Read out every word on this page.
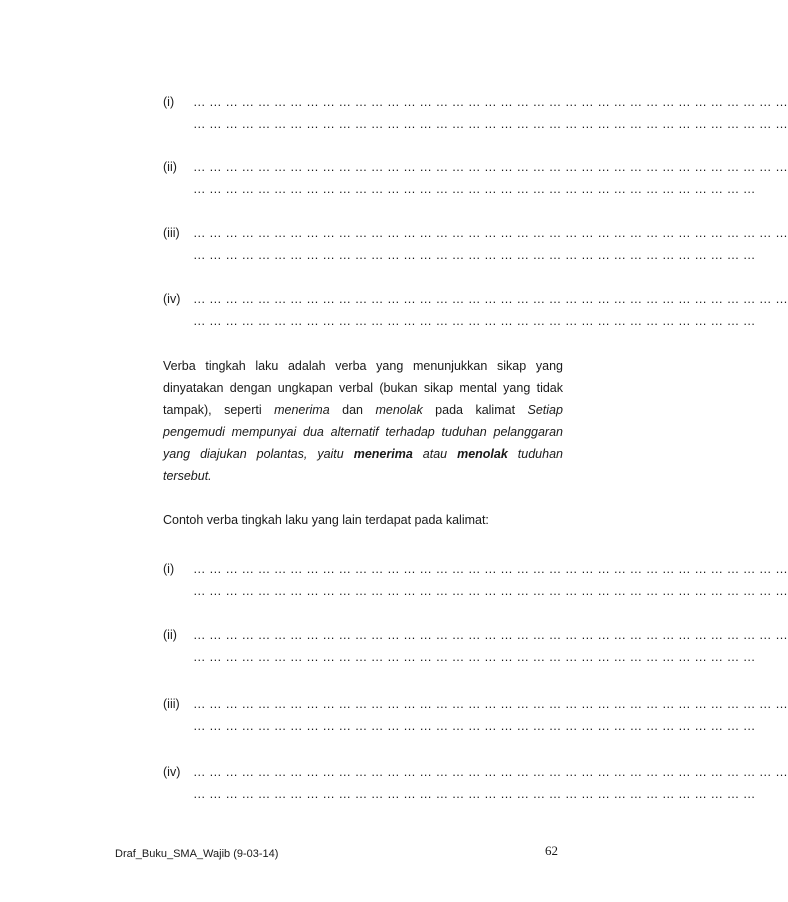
(i) … … … … … … … … … … … … … … … … … … … … … … … … … … … … … … … … … … … … …
… … … … … … … … … … … … … … … … … … … … … … … … … … … … … … … … … … … … …
(ii) … … … … … … … … … … … … … … … … … … … … … … … … … … … … … … … … … … … … …
… … … … … … … … … … … … … … … … … … … … … … … … … … … … … … … … … … …
(iii) … … … … … … … … … … … … … … … … … … … … … … … … … … … … … … … … … … … … …
… … … … … … … … … … … … … … … … … … … … … … … … … … … … … … … … … … …
(iv) … … … … … … … … … … … … … … … … … … … … … … … … … … … … … … … … … … … … …
… … … … … … … … … … … … … … … … … … … … … … … … … … … … … … … … … … …
Verba tingkah laku adalah verba yang menunjukkan sikap yang
dinyatakan dengan ungkapan verbal (bukan sikap mental yang tidak
tampak), seperti menerima dan menolak pada kalimat Setiap
pengemudi mempunyai dua alternatif terhadap tuduhan pelanggaran
yang diajukan polantas, yaitu menerima atau menolak tuduhan
tersebut.
Contoh verba tingkah laku yang lain terdapat pada kalimat:
(i) … … … … … … … … … … … … … … … … … … … … … … … … … … … … … … … … … … … … …
… … … … … … … … … … … … … … … … … … … … … … … … … … … … … … … … … … … … …
(ii) … … … … … … … … … … … … … … … … … … … … … … … … … … … … … … … … … … … … …
… … … … … … … … … … … … … … … … … … … … … … … … … … … … … … … … … … …
(iii) … … … … … … … … … … … … … … … … … … … … … … … … … … … … … … … … … … … … …
… … … … … … … … … … … … … … … … … … … … … … … … … … … … … … … … … … …
(iv) … … … … … … … … … … … … … … … … … … … … … … … … … … … … … … … … … … … … …
… … … … … … … … … … … … … … … … … … … … … … … … … … … … … … … … … … …
Draf_Buku_SMA_Wajib (9-03-14)	62
